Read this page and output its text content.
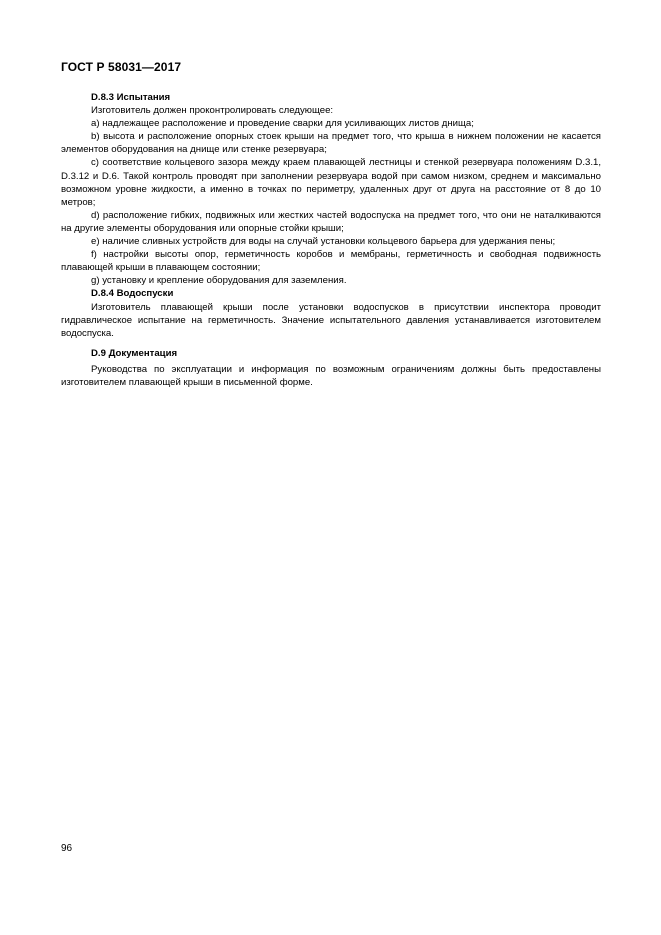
ГОСТ Р 58031—2017
D.8.3 Испытания

Изготовитель должен проконтролировать следующее:

a) надлежащее расположение и проведение сварки для усиливающих листов днища;

b) высота и расположение опорных стоек крыши на предмет того, что крыша в нижнем положении не касается элементов оборудования на днище или стенке резервуара;

c) соответствие кольцевого зазора между краем плавающей лестницы и стенкой резервуара положениям D.3.1, D.3.12 и D.6. Такой контроль проводят при заполнении резервуара водой при самом низком, среднем и максимально возможном уровне жидкости, а именно в точках по периметру, удаленных друг от друга на расстояние от 8 до 10 метров;

d) расположение гибких, подвижных или жестких частей водоспуска на предмет того, что они не наталкиваются на другие элементы оборудования или опорные стойки крыши;

e) наличие сливных устройств для воды на случай установки кольцевого барьера для удержания пены;

f) настройки высоты опор, герметичность коробов и мембраны, герметичность и свободная подвижность плавающей крыши в плавающем состоянии;

g) установку и крепление оборудования для заземления.

D.8.4 Водоспуски

Изготовитель плавающей крыши после установки водоспусков в присутствии инспектора проводит гидравлическое испытание на герметичность. Значение испытательного давления устанавливается изготовителем водоспуска.

D.9 Документация

Руководства по эксплуатации и информация по возможным ограничениям должны быть предоставлены изготовителем плавающей крыши в письменной форме.

96
